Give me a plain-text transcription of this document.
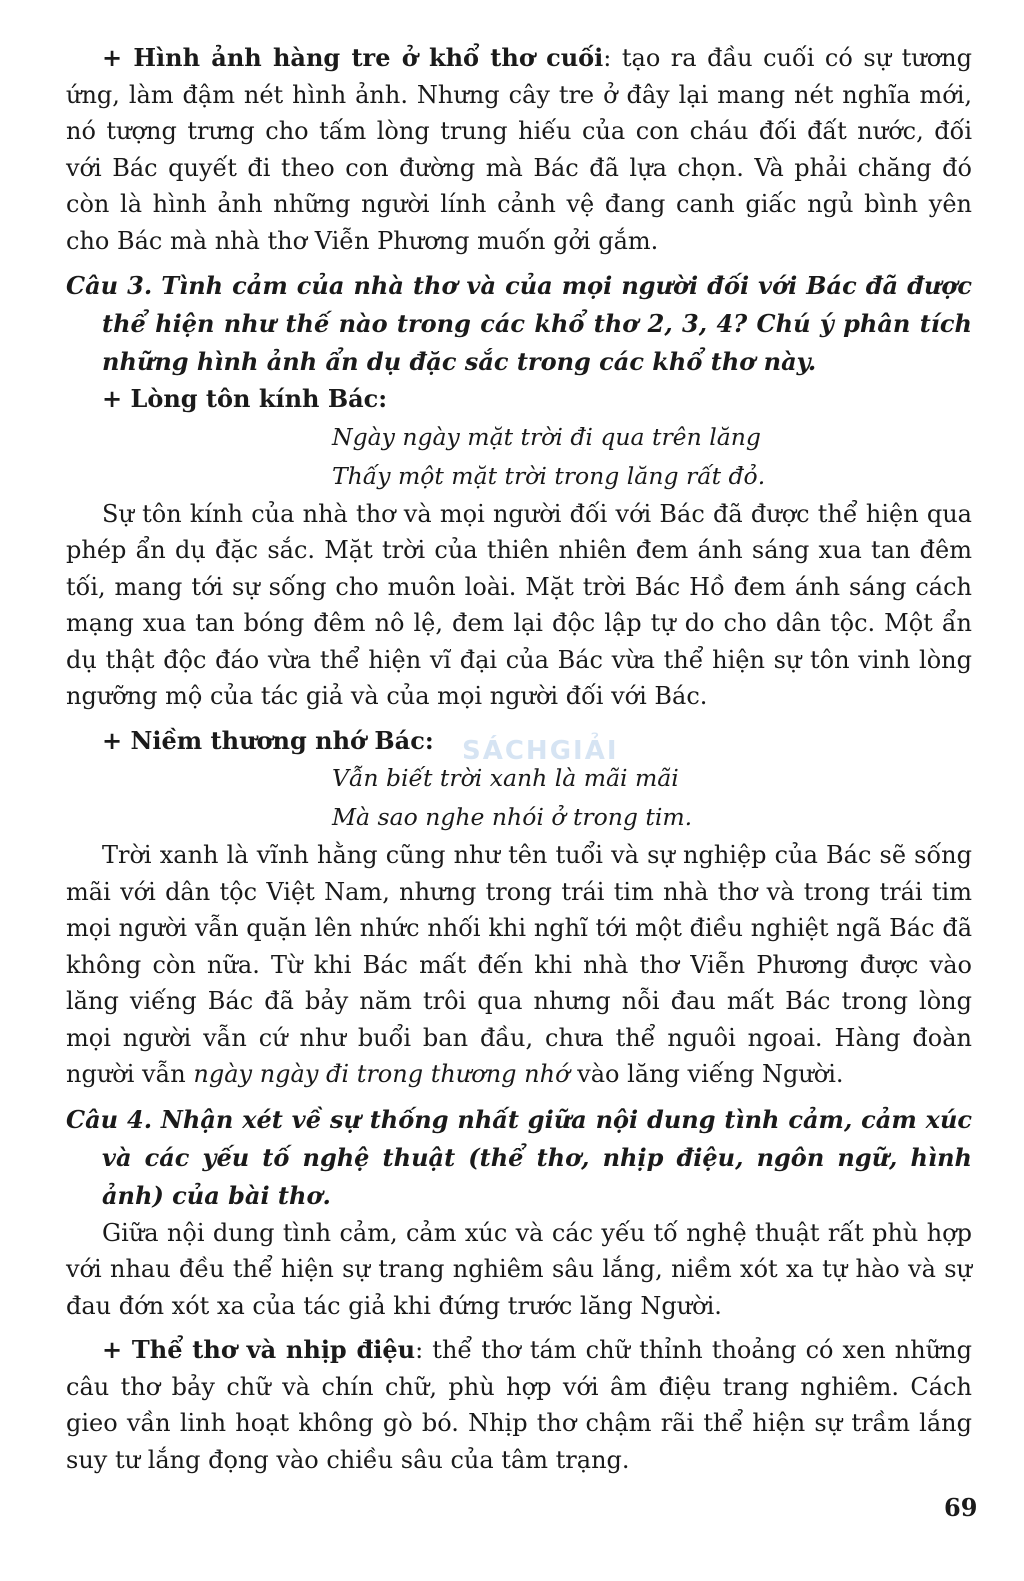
SÁCHGIẢI

+ Hình ảnh hàng tre ở khổ thơ cuối: tạo ra đầu cuối có sự tương ứng, làm đậm nét hình ảnh. Nhưng cây tre ở đây lại mang nét nghĩa mới, nó tượng trưng cho tấm lòng trung hiếu của con cháu đối đất nước, đối với Bác quyết đi theo con đường mà Bác đã lựa chọn. Và phải chăng đó còn là hình ảnh những người lính cảnh vệ đang canh giấc ngủ bình yên cho Bác mà nhà thơ Viễn Phương muốn gởi gắm.

Câu 3. Tình cảm của nhà thơ và của mọi người đối với Bác đã được thể hiện như thế nào trong các khổ thơ 2, 3, 4? Chú ý phân tích những hình ảnh ẩn dụ đặc sắc trong các khổ thơ này.

+ Lòng tôn kính Bác:

Ngày ngày mặt trời đi qua trên lăng

Thấy một mặt trời trong lăng rất đỏ.

Sự tôn kính của nhà thơ và mọi người đối với Bác đã được thể hiện qua phép ẩn dụ đặc sắc. Mặt trời của thiên nhiên đem ánh sáng xua tan đêm tối, mang tới sự sống cho muôn loài. Mặt trời Bác Hồ đem ánh sáng cách mạng xua tan bóng đêm nô lệ, đem lại độc lập tự do cho dân tộc. Một ẩn dụ thật độc đáo vừa thể hiện vĩ đại của Bác vừa thể hiện sự tôn vinh lòng ngưỡng mộ của tác giả và của mọi người đối với Bác.

+ Niềm thương nhớ Bác:

Vẫn biết trời xanh là mãi mãi

Mà sao nghe nhói ở trong tim.

Trời xanh là vĩnh hằng cũng như tên tuổi và sự nghiệp của Bác sẽ sống mãi với dân tộc Việt Nam, nhưng trong trái tim nhà thơ và trong trái tim mọi người vẫn quặn lên nhức nhối khi nghĩ tới một điều nghiệt ngã Bác đã không còn nữa. Từ khi Bác mất đến khi nhà thơ Viễn Phương được vào lăng viếng Bác đã bảy năm trôi qua nhưng nỗi đau mất Bác trong lòng mọi người vẫn cứ như buổi ban đầu, chưa thể nguôi ngoai. Hàng đoàn người vẫn ngày ngày đi trong thương nhớ vào lăng viếng Người.

Câu 4. Nhận xét về sự thống nhất giữa nội dung tình cảm, cảm xúc và các yếu tố nghệ thuật (thể thơ, nhịp điệu, ngôn ngữ, hình ảnh) của bài thơ.

Giữa nội dung tình cảm, cảm xúc và các yếu tố nghệ thuật rất phù hợp với nhau đều thể hiện sự trang nghiêm sâu lắng, niềm xót xa tự hào và sự đau đớn xót xa của tác giả khi đứng trước lăng Người.

+ Thể thơ và nhịp điệu: thể thơ tám chữ thỉnh thoảng có xen những câu thơ bảy chữ và chín chữ, phù hợp với âm điệu trang nghiêm. Cách gieo vần linh hoạt không gò bó. Nhịp thơ chậm rãi thể hiện sự trầm lắng suy tư lắng đọng vào chiều sâu của tâm trạng.

69
